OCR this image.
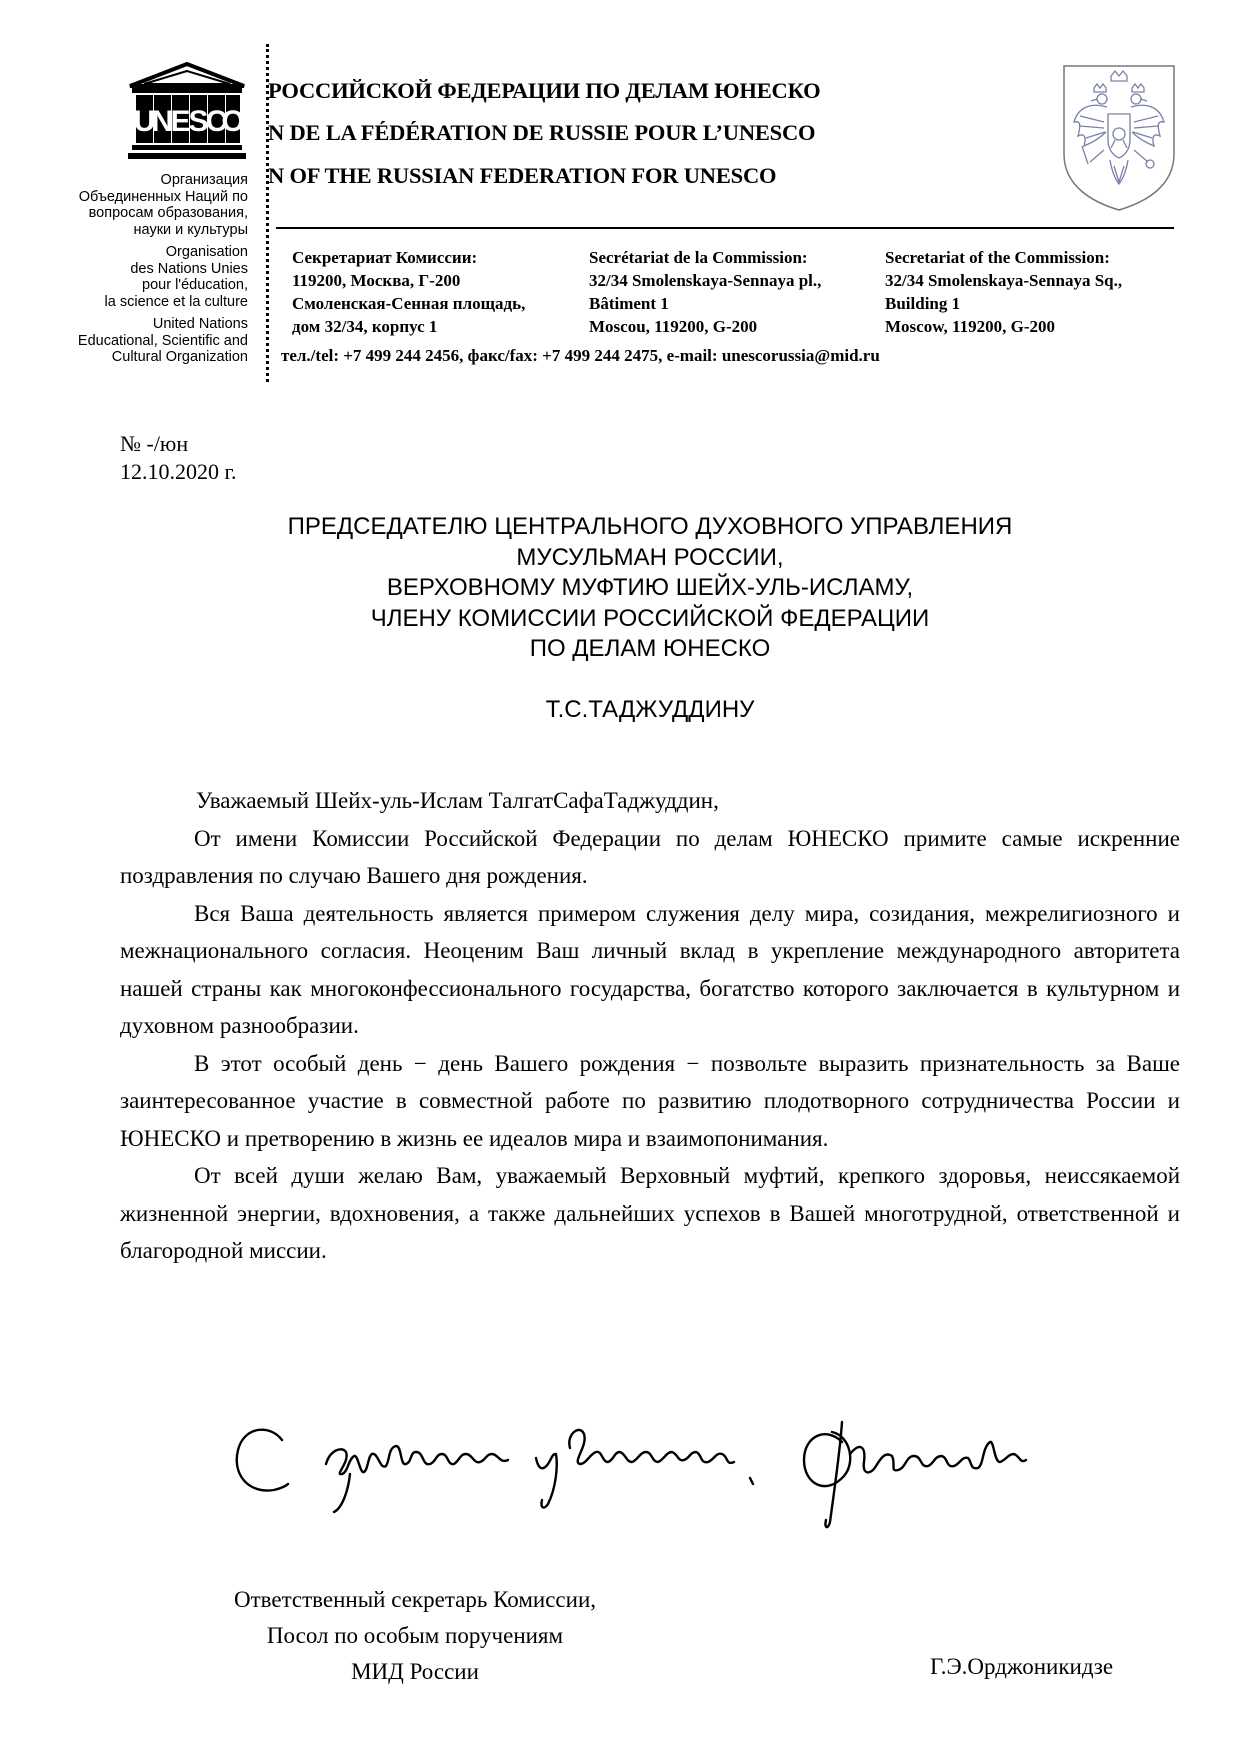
U
N
E
S
C
O
Организация
Объединенных Наций по
вопросам образования,
науки и культуры
Organisation
des Nations Unies
pour l'éducation,
la science et la culture
United Nations
Educational, Scientific and
Cultural Organization
РОССИЙСКОЙ ФЕДЕРАЦИИ ПО ДЕЛАМ ЮНЕСКО
N DE LA FÉDÉRATION DE RUSSIE POUR L’UNESCO
N OF THE RUSSIAN FEDERATION FOR UNESCO
Секретариат Комиссии:
119200, Москва, Г-200
Смоленская-Сенная площадь,
дом 32/34, корпус 1
Secrétariat de la Commission:
32/34 Smolenskaya-Sennaya pl.,
Bâtiment 1
Moscou, 119200, G-200
Secretariat of the Commission:
32/34 Smolenskaya-Sennaya Sq.,
Building 1
Moscow, 119200, G-200
тел./tel: +7 499 244 2456, факс/fax: +7 499 244 2475, e-mail: unescorussia@mid.ru
№ -/юн
12.10.2020 г.
ПРЕДСЕДАТЕЛЮ ЦЕНТРАЛЬНОГО ДУХОВНОГО УПРАВЛЕНИЯ
МУСУЛЬМАН РОССИИ,
ВЕРХОВНОМУ МУФТИЮ ШЕЙХ-УЛЬ-ИСЛАМУ,
ЧЛЕНУ КОМИССИИ РОССИЙСКОЙ ФЕДЕРАЦИИ
ПО ДЕЛАМ ЮНЕСКО
Т.С.ТАДЖУДДИНУ

Уважаемый Шейх-уль-Ислам ТалгатСафаТаджуддин,

От имени Комиссии Российской Федерации по делам ЮНЕСКО примите самые искренние поздравления по случаю Вашего дня рождения.

Вся Ваша деятельность является примером служения делу мира, созидания, межрелигиозного и межнационального согласия. Неоценим Ваш личный вклад в укрепление международного авторитета нашей страны как многоконфессионального государства, богатство которого заключается в культурном и духовном разнообразии.

В этот особый день − день Вашего рождения − позвольте выразить признательность за Ваше заинтересованное участие в совместной работе по развитию плодотворного сотрудничества России и ЮНЕСКО и претворению в жизнь ее идеалов мира и взаимопонимания.

От всей души желаю Вам, уважаемый Верховный муфтий, крепкого здоровья, неиссякаемой жизненной энергии, вдохновения, а также дальнейших успехов в Вашей многотрудной, ответственной и благородной миссии.

Ответственный секретарь Комиссии,
Посол по особым поручениям
МИД России	Г.Э.Орджоникидзе
